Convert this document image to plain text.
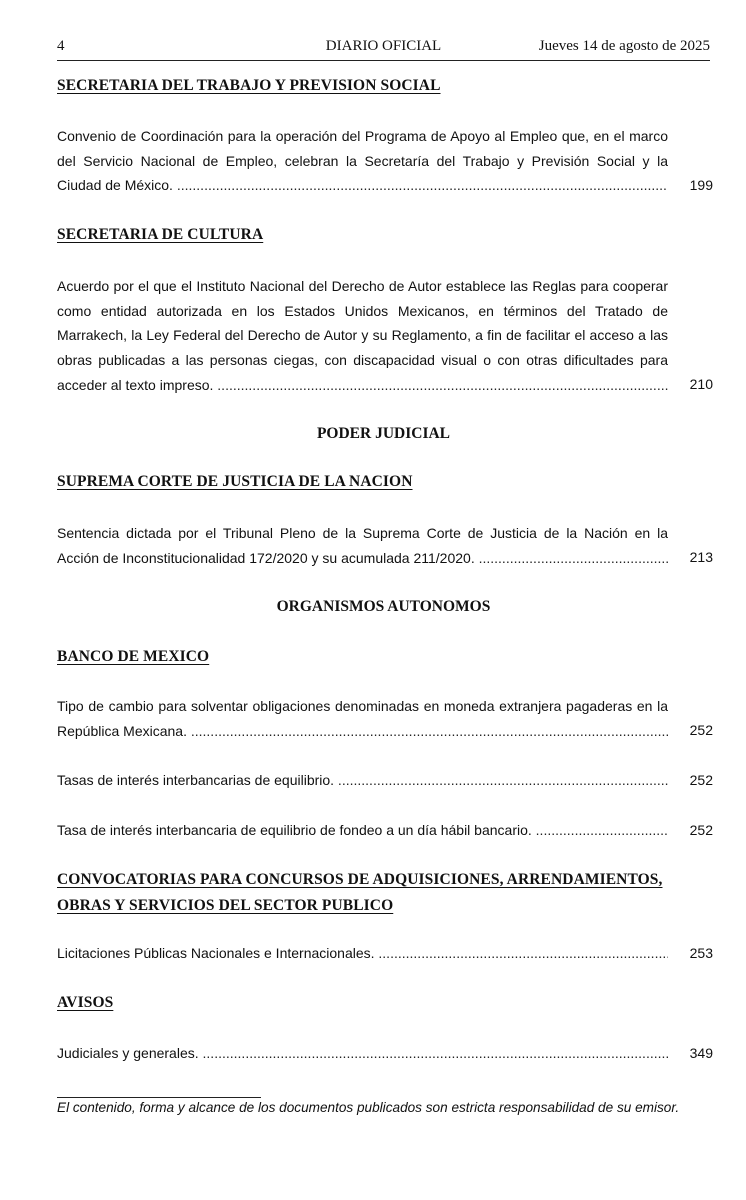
4	DIARIO OFICIAL	Jueves 14 de agosto de 2025
SECRETARIA DEL TRABAJO Y PREVISION SOCIAL
Convenio de Coordinación para la operación del Programa de Apoyo al Empleo que, en el marco
del Servicio Nacional de Empleo, celebran la Secretaría del Trabajo y Previsión Social y la
Ciudad de México. .....	199
SECRETARIA DE CULTURA
Acuerdo por el que el Instituto Nacional del Derecho de Autor establece las Reglas para cooperar
como entidad autorizada en los Estados Unidos Mexicanos, en términos del Tratado de
Marrakech, la Ley Federal del Derecho de Autor y su Reglamento, a fin de facilitar el acceso a las
obras publicadas a las personas ciegas, con discapacidad visual o con otras dificultades para
acceder al texto impreso. .....	210
PODER JUDICIAL
SUPREMA CORTE DE JUSTICIA DE LA NACION
Sentencia dictada por el Tribunal Pleno de la Suprema Corte de Justicia de la Nación en la
Acción de Inconstitucionalidad 172/2020 y su acumulada 211/2020. .....	213
ORGANISMOS AUTONOMOS
BANCO DE MEXICO
Tipo de cambio para solventar obligaciones denominadas en moneda extranjera pagaderas en la
República Mexicana. .....	252
Tasas de interés interbancarias de equilibrio. .....	252
Tasa de interés interbancaria de equilibrio de fondeo a un día hábil bancario. .....	252
CONVOCATORIAS PARA CONCURSOS DE ADQUISICIONES, ARRENDAMIENTOS,
OBRAS Y SERVICIOS DEL SECTOR PUBLICO
Licitaciones Públicas Nacionales e Internacionales. .....	253
AVISOS
Judiciales y generales. .....	349
El contenido, forma y alcance de los documentos publicados son estricta responsabilidad de su emisor.
